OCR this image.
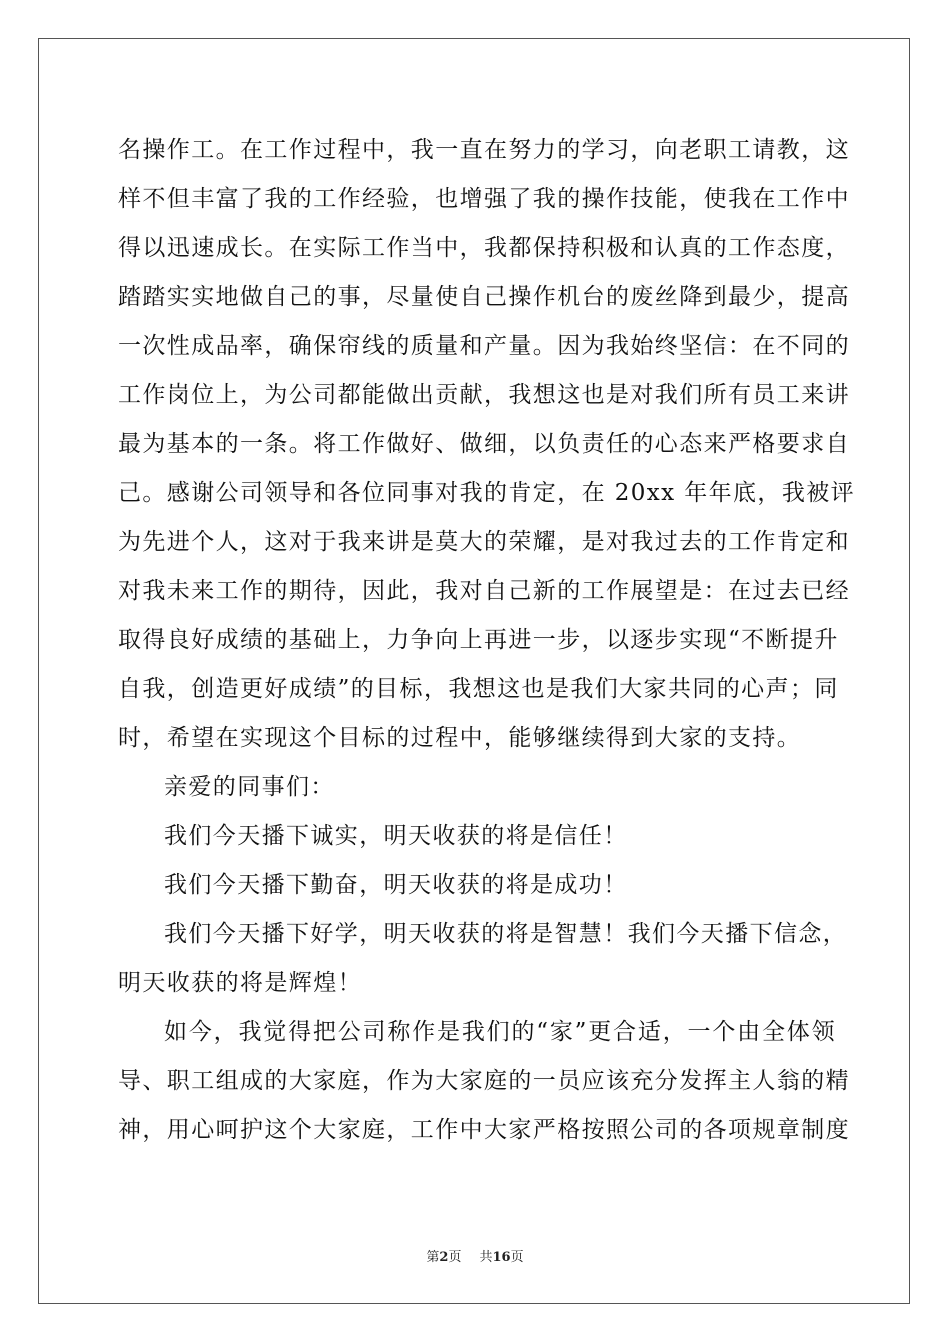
名操作工。在工作过程中，我一直在努力的学习，向老职工请教，这
样不但丰富了我的工作经验，也增强了我的操作技能，使我在工作中
得以迅速成长。在实际工作当中，我都保持积极和认真的工作态度，
踏踏实实地做自己的事，尽量使自己操作机台的废丝降到最少，提高
一次性成品率，确保帘线的质量和产量。因为我始终坚信：在不同的
工作岗位上，为公司都能做出贡献，我想这也是对我们所有员工来讲
最为基本的一条。将工作做好、做细，以负责任的心态来严格要求自
己。感谢公司领导和各位同事对我的肯定，在 20xx 年年底，我被评
为先进个人，这对于我来讲是莫大的荣耀，是对我过去的工作肯定和
对我未来工作的期待，因此，我对自己新的工作展望是：在过去已经
取得良好成绩的基础上，力争向上再进一步，以逐步实现“不断提升
自我，创造更好成绩”的目标，我想这也是我们大家共同的心声；同
时，希望在实现这个目标的过程中，能够继续得到大家的支持。

亲爱的同事们：

我们今天播下诚实，明天收获的将是信任！

我们今天播下勤奋，明天收获的将是成功！

我们今天播下好学，明天收获的将是智慧！我们今天播下信念，
明天收获的将是辉煌！

如今，我觉得把公司称作是我们的“家”更合适，一个由全体领
导、职工组成的大家庭，作为大家庭的一员应该充分发挥主人翁的精
神，用心呵护这个大家庭，工作中大家严格按照公司的各项规章制度

第2页 共16页
